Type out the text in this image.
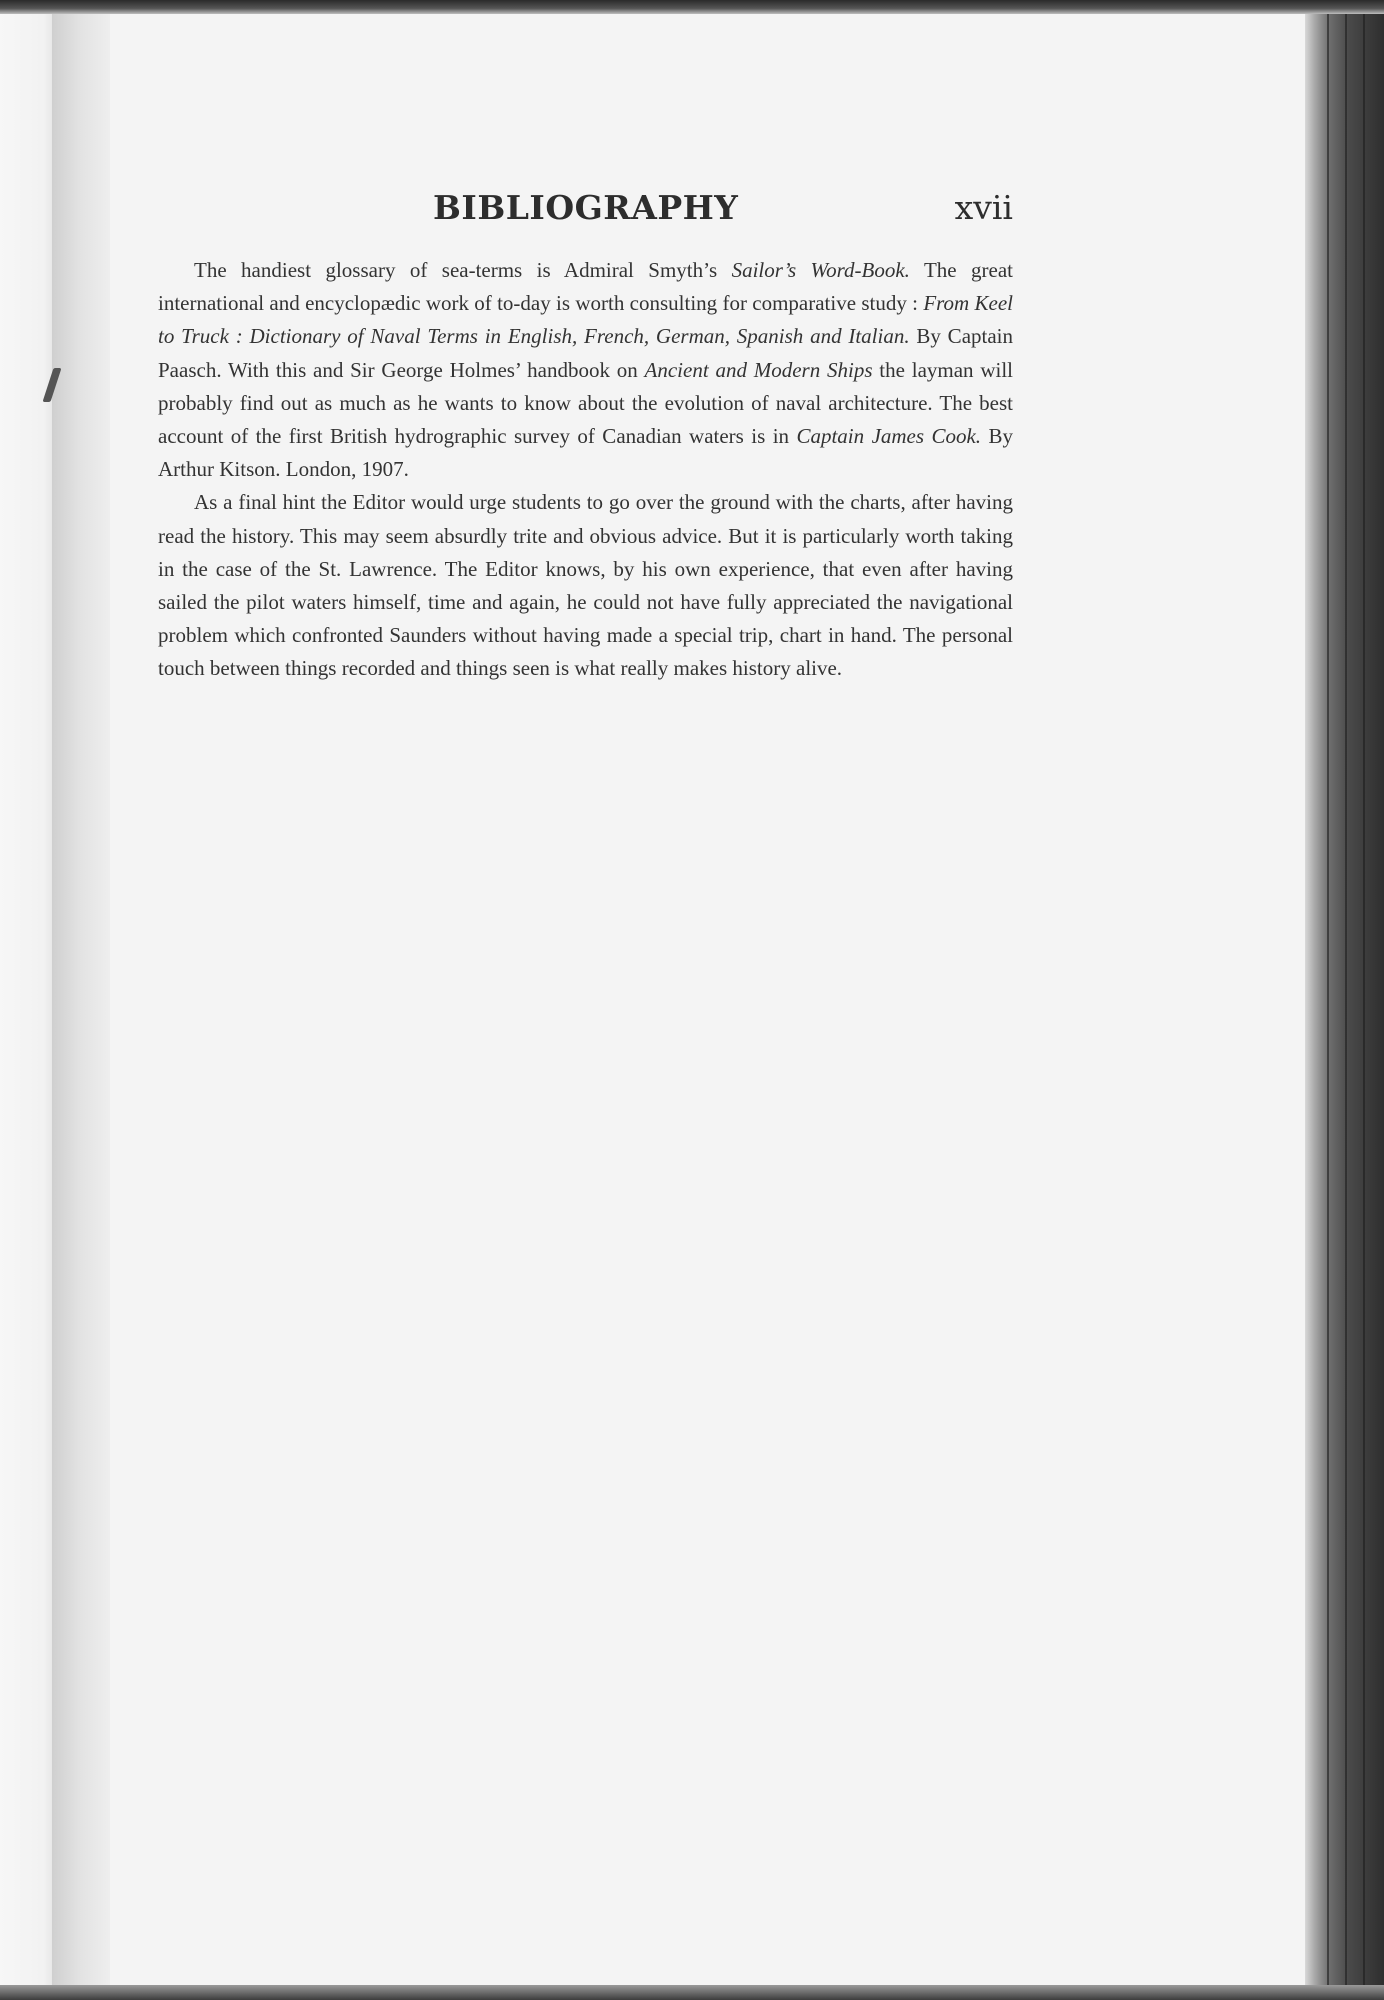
BIBLIOGRAPHY	xvii

The handiest glossary of sea-terms is Admiral Smyth’s Sailor’s Word-Book. The great international and encyclopædic work of to-day is worth consulting for comparative study : From Keel to Truck : Dictionary of Naval Terms in English, French, German, Spanish and Italian. By Captain Paasch. With this and Sir George Holmes’ handbook on Ancient and Modern Ships the layman will probably find out as much as he wants to know about the evolution of naval architecture. The best account of the first British hydrographic survey of Canadian waters is in Captain James Cook. By Arthur Kitson. London, 1907.

As a final hint the Editor would urge students to go over the ground with the charts, after having read the history. This may seem absurdly trite and obvious advice. But it is particularly worth taking in the case of the St. Lawrence. The Editor knows, by his own experience, that even after having sailed the pilot waters himself, time and again, he could not have fully appreciated the navigational problem which confronted Saunders without having made a special trip, chart in hand. The personal touch between things recorded and things seen is what really makes history alive.
